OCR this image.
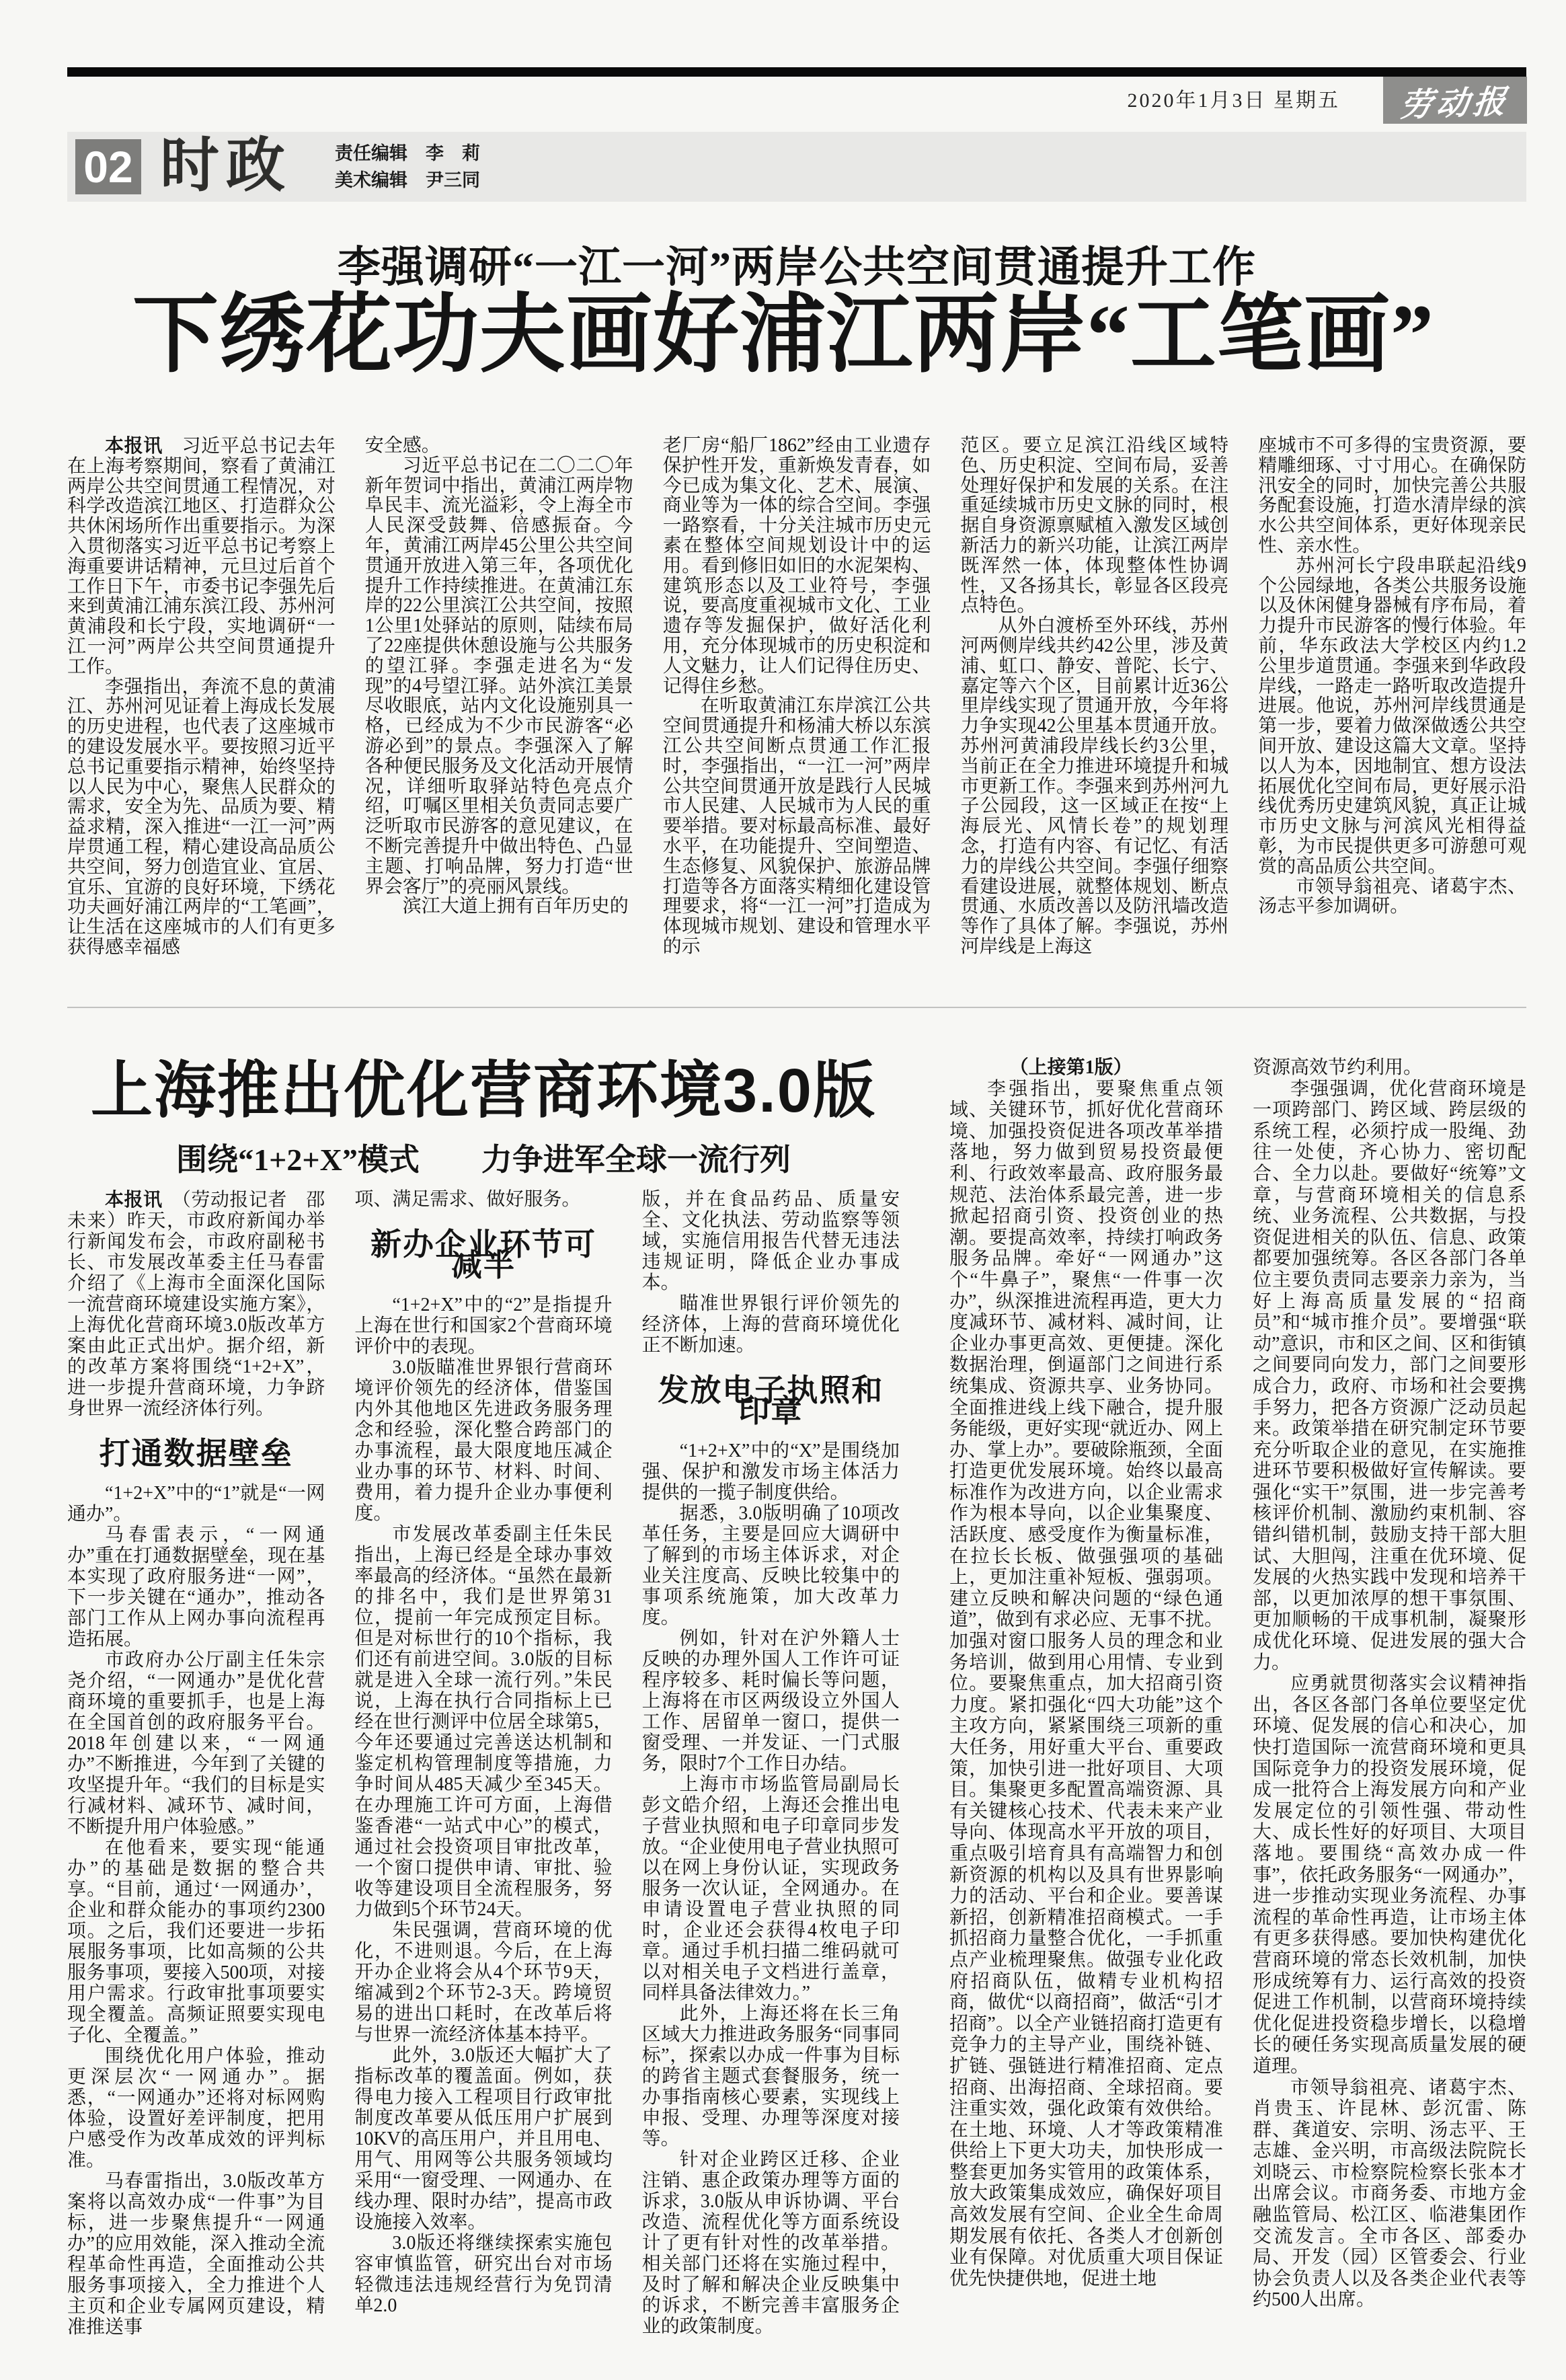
2020年1月3日 星期五 劳动报
02 时政 责任编辑　 李　莉
美术编辑　 尹三同
李强调研“一江一河”两岸公共空间贯通提升工作
下绣花功夫画好浦江两岸“工笔画”

本报讯　习近平总书记去年在上海考察期间，察看了黄浦江两岸公共空间贯通工程情况，对科学改造滨江地区、打造群众公共休闲场所作出重要指示。为深入贯彻落实习近平总书记考察上海重要讲话精神，元旦过后首个工作日下午，市委书记李强先后来到黄浦江浦东滨江段、苏州河黄浦段和长宁段，实地调研“一江一河”两岸公共空间贯通提升工作。

李强指出，奔流不息的黄浦江、苏州河见证着上海成长发展的历史进程，也代表了这座城市的建设发展水平。要按照习近平总书记重要指示精神，始终坚持以人民为中心，聚焦人民群众的需求，安全为先、品质为要、精益求精，深入推进“一江一河”两岸贯通工程，精心建设高品质公共空间，努力创造宜业、宜居、宜乐、宜游的良好环境，下绣花功夫画好浦江两岸的“工笔画”，让生活在这座城市的人们有更多获得感幸福感

安全感。

习近平总书记在二〇二〇年新年贺词中指出，黄浦江两岸物阜民丰、流光溢彩，令上海全市人民深受鼓舞、倍感振奋。今年，黄浦江两岸45公里公共空间贯通开放进入第三年，各项优化提升工作持续推进。在黄浦江东岸的22公里滨江公共空间，按照1公里1处驿站的原则，陆续布局了22座提供休憩设施与公共服务的望江驿。李强走进名为“发现”的4号望江驿。站外滨江美景尽收眼底，站内文化设施别具一格，已经成为不少市民游客“必游必到”的景点。李强深入了解各种便民服务及文化活动开展情况，详细听取驿站特色亮点介绍，叮嘱区里相关负责同志要广泛听取市民游客的意见建议，在不断完善提升中做出特色、凸显主题、打响品牌，努力打造“世界会客厅”的亮丽风景线。

滨江大道上拥有百年历史的

老厂房“船厂1862”经由工业遗存保护性开发，重新焕发青春，如今已成为集文化、艺术、展演、商业等为一体的综合空间。李强一路察看，十分关注城市历史元素在整体空间规划设计中的运用。看到修旧如旧的水泥架构、建筑形态以及工业符号，李强说，要高度重视城市文化、工业遗存等发掘保护，做好活化利用，充分体现城市的历史积淀和人文魅力，让人们记得住历史、记得住乡愁。

在听取黄浦江东岸滨江公共空间贯通提升和杨浦大桥以东滨江公共空间断点贯通工作汇报时，李强指出，“一江一河”两岸公共空间贯通开放是践行人民城市人民建、人民城市为人民的重要举措。要对标最高标准、最好水平，在功能提升、空间塑造、生态修复、风貌保护、旅游品牌打造等各方面落实精细化建设管理要求，将“一江一河”打造成为体现城市规划、建设和管理水平的示

范区。要立足滨江沿线区域特色、历史积淀、空间布局，妥善处理好保护和发展的关系。在注重延续城市历史文脉的同时，根据自身资源禀赋植入激发区域创新活力的新兴功能，让滨江两岸既浑然一体，体现整体性协调性，又各扬其长，彰显各区段亮点特色。

从外白渡桥至外环线，苏州河两侧岸线共约42公里，涉及黄浦、虹口、静安、普陀、长宁、嘉定等六个区，目前累计近36公里岸线实现了贯通开放，今年将力争实现42公里基本贯通开放。苏州河黄浦段岸线长约3公里，当前正在全力推进环境提升和城市更新工作。李强来到苏州河九子公园段，这一区域正在按“上海辰光、风情长卷”的规划理念，打造有内容、有记忆、有活力的岸线公共空间。李强仔细察看建设进展，就整体规划、断点贯通、水质改善以及防汛墙改造等作了具体了解。李强说，苏州河岸线是上海这

座城市不可多得的宝贵资源，要精雕细琢、寸寸用心。在确保防汛安全的同时，加快完善公共服务配套设施，打造水清岸绿的滨水公共空间体系，更好体现亲民性、亲水性。

苏州河长宁段串联起沿线9个公园绿地，各类公共服务设施以及休闲健身器械有序布局，着力提升市民游客的慢行体验。年前，华东政法大学校区内约1.2公里步道贯通。李强来到华政段岸线，一路走一路听取改造提升进展。他说，苏州河岸线贯通是第一步，要着力做深做透公共空间开放、建设这篇大文章。坚持以人为本，因地制宜、想方设法拓展优化空间布局，更好展示沿线优秀历史建筑风貌，真正让城市历史文脉与河滨风光相得益彰，为市民提供更多可游憩可观赏的高品质公共空间。

市领导翁祖亮、诸葛宇杰、汤志平参加调研。

上海推出优化营商环境3.0版
围绕“1+2+X”模式　　力争进军全球一流行列

本报讯　（劳动报记者　邵未来）昨天，市政府新闻办举行新闻发布会，市政府副秘书长、市发展改革委主任马春雷介绍了《上海市全面深化国际一流营商环境建设实施方案》，上海优化营商环境3.0版改革方案由此正式出炉。据介绍，新的改革方案将围绕“1+2+X”，进一步提升营商环境，力争跻身世界一流经济体行列。

打通数据壁垒

“1+2+X”中的“1”就是“一网通办”。

马春雷表示，“一网通办”重在打通数据壁垒，现在基本实现了政府服务进“一网”，下一步关键在“通办”，推动各部门工作从上网办事向流程再造拓展。

市政府办公厅副主任朱宗尧介绍，“一网通办”是优化营商环境的重要抓手，也是上海在全国首创的政府服务平台。2018年创建以来，“一网通办”不断推进，今年到了关键的攻坚提升年。“我们的目标是实行减材料、减环节、减时间，不断提升用户体验感。”

在他看来，要实现“能通办”的基础是数据的整合共享。“目前，通过‘一网通办’，企业和群众能办的事项约2300项。之后，我们还要进一步拓展服务事项，比如高频的公共服务事项，要接入500项，对接用户需求。行政审批事项要实现全覆盖。高频证照要实现电子化、全覆盖。”

围绕优化用户体验，推动更深层次“一网通办”。据悉，“一网通办”还将对标网购体验，设置好差评制度，把用户感受作为改革成效的评判标准。

马春雷指出，3.0版改革方案将以高效办成“一件事”为目标，进一步聚焦提升“一网通办”的应用效能，深入推动全流程革命性再造，全面推动公共服务事项接入，全力推进个人主页和企业专属网页建设，精准推送事

项、满足需求、做好服务。

新办企业环节可减半

“1+2+X”中的“2”是指提升上海在世行和国家2个营商环境评价中的表现。

3.0版瞄准世界银行营商环境评价领先的经济体，借鉴国内外其他地区先进政务服务理念和经验，深化整合跨部门的办事流程，最大限度地压减企业办事的环节、材料、时间、费用，着力提升企业办事便利度。

市发展改革委副主任朱民指出，上海已经是全球办事效率最高的经济体。“虽然在最新的排名中，我们是世界第31位，提前一年完成预定目标。但是对标世行的10个指标，我们还有前进空间。3.0版的目标就是进入全球一流行列。”朱民说，上海在执行合同指标上已经在世行测评中位居全球第5，今年还要通过完善送达机制和鉴定机构管理制度等措施，力争时间从485天减少至345天。在办理施工许可方面，上海借鉴香港“一站式中心”的模式，通过社会投资项目审批改革，一个窗口提供申请、审批、验收等建设项目全流程服务，努力做到5个环节24天。

朱民强调，营商环境的优化，不进则退。今后，在上海开办企业将会从4个环节9天，缩减到2个环节2-3天。跨境贸易的进出口耗时，在改革后将与世界一流经济体基本持平。

此外，3.0版还大幅扩大了指标改革的覆盖面。例如，获得电力接入工程项目行政审批制度改革要从低压用户扩展到10KV的高压用户，并且用电、用气、用网等公共服务领域均采用“一窗受理、一网通办、在线办理、限时办结”，提高市政设施接入效率。

3.0版还将继续探索实施包容审慎监管，研究出台对市场轻微违法违规经营行为免罚清单2.0

版，并在食品药品、质量安全、文化执法、劳动监察等领域，实施信用报告代替无违法违规证明，降低企业办事成本。

瞄准世界银行评价领先的经济体，上海的营商环境优化正不断加速。

发放电子执照和印章

“1+2+X”中的“X”是围绕加强、保护和激发市场主体活力提供的一揽子制度供给。

据悉，3.0版明确了10项改革任务，主要是回应大调研中了解到的市场主体诉求，对企业关注度高、反映比较集中的事项系统施策，加大改革力度。

例如，针对在沪外籍人士反映的办理外国人工作许可证程序较多、耗时偏长等问题，上海将在市区两级设立外国人工作、居留单一窗口，提供一窗受理、一并发证、一门式服务，限时7个工作日办结。

上海市市场监管局副局长彭文皓介绍，上海还会推出电子营业执照和电子印章同步发放。“企业使用电子营业执照可以在网上身份认证，实现政务服务一次认证，全网通办。在申请设置电子营业执照的同时，企业还会获得4枚电子印章。通过手机扫描二维码就可以对相关电子文档进行盖章，同样具备法律效力。”

此外，上海还将在长三角区域大力推进政务服务“同事同标”，探索以办成一件事为目标的跨省主题式套餐服务，统一办事指南核心要素，实现线上申报、受理、办理等深度对接等。

针对企业跨区迁移、企业注销、惠企政策办理等方面的诉求，3.0版从申诉协调、平台改造、流程优化等方面系统设计了更有针对性的改革举措。相关部门还将在实施过程中，及时了解和解决企业反映集中的诉求，不断完善丰富服务企业的政策制度。

（上接第1版）

李强指出，要聚焦重点领域、关键环节，抓好优化营商环境、加强投资促进各项改革举措落地，努力做到贸易投资最便利、行政效率最高、政府服务最规范、法治体系最完善，进一步掀起招商引资、投资创业的热潮。要提高效率，持续打响政务服务品牌。牵好“一网通办”这个“牛鼻子”，聚焦“一件事一次办”，纵深推进流程再造，更大力度减环节、减材料、减时间，让企业办事更高效、更便捷。深化数据治理，倒逼部门之间进行系统集成、资源共享、业务协同。全面推进线上线下融合，提升服务能级，更好实现“就近办、网上办、掌上办”。要破除瓶颈，全面打造更优发展环境。始终以最高标准作为改进方向，以企业需求作为根本导向，以企业集聚度、活跃度、感受度作为衡量标准，在拉长长板、做强强项的基础上，更加注重补短板、强弱项。建立反映和解决问题的“绿色通道”，做到有求必应、无事不扰。加强对窗口服务人员的理念和业务培训，做到用心用情、专业到位。要聚焦重点，加大招商引资力度。紧扣强化“四大功能”这个主攻方向，紧紧围绕三项新的重大任务，用好重大平台、重要政策，加快引进一批好项目、大项目。集聚更多配置高端资源、具有关键核心技术、代表未来产业导向、体现高水平开放的项目，重点吸引培育具有高端智力和创新资源的机构以及具有世界影响力的活动、平台和企业。要善谋新招，创新精准招商模式。一手抓招商力量整合优化，一手抓重点产业梳理聚焦。做强专业化政府招商队伍，做精专业机构招商，做优“以商招商”，做活“引才招商”。以全产业链招商打造更有竞争力的主导产业，围绕补链、扩链、强链进行精准招商、定点招商、出海招商、全球招商。要注重实效，强化政策有效供给。在土地、环境、人才等政策精准供给上下更大功夫，加快形成一整套更加务实管用的政策体系，放大政策集成效应，确保好项目高效发展有空间、企业全生命周期发展有依托、各类人才创新创业有保障。对优质重大项目保证优先快捷供地，促进土地

资源高效节约利用。

李强强调，优化营商环境是一项跨部门、跨区域、跨层级的系统工程，必须拧成一股绳、劲往一处使，齐心协力、密切配合、全力以赴。要做好“统筹”文章，与营商环境相关的信息系统、业务流程、公共数据，与投资促进相关的队伍、信息、政策都要加强统筹。各区各部门各单位主要负责同志要亲力亲为，当好上海高质量发展的“招商员”和“城市推介员”。要增强“联动”意识，市和区之间、区和街镇之间要同向发力，部门之间要形成合力，政府、市场和社会要携手努力，把各方资源广泛动员起来。政策举措在研究制定环节要充分听取企业的意见，在实施推进环节要积极做好宣传解读。要强化“实干”氛围，进一步完善考核评价机制、激励约束机制、容错纠错机制，鼓励支持干部大胆试、大胆闯，注重在优环境、促发展的火热实践中发现和培养干部，以更加浓厚的想干事氛围、更加顺畅的干成事机制，凝聚形成优化环境、促进发展的强大合力。

应勇就贯彻落实会议精神指出，各区各部门各单位要坚定优环境、促发展的信心和决心，加快打造国际一流营商环境和更具国际竞争力的投资发展环境，促成一批符合上海发展方向和产业发展定位的引领性强、带动性大、成长性好的好项目、大项目落地。要围绕“高效办成一件事”，依托政务服务“一网通办”，进一步推动实现业务流程、办事流程的革命性再造，让市场主体有更多获得感。要加快构建优化营商环境的常态长效机制，加快形成统筹有力、运行高效的投资促进工作机制，以营商环境持续优化促进投资稳步增长，以稳增长的硬任务实现高质量发展的硬道理。

市领导翁祖亮、诸葛宇杰、肖贵玉、许昆林、彭沉雷、陈群、龚道安、宗明、汤志平、王志雄、金兴明，市高级法院院长刘晓云、市检察院检察长张本才出席会议。市商务委、市地方金融监管局、松江区、临港集团作交流发言。全市各区、部委办局、开发（园）区管委会、行业协会负责人以及各类企业代表等约500人出席。
